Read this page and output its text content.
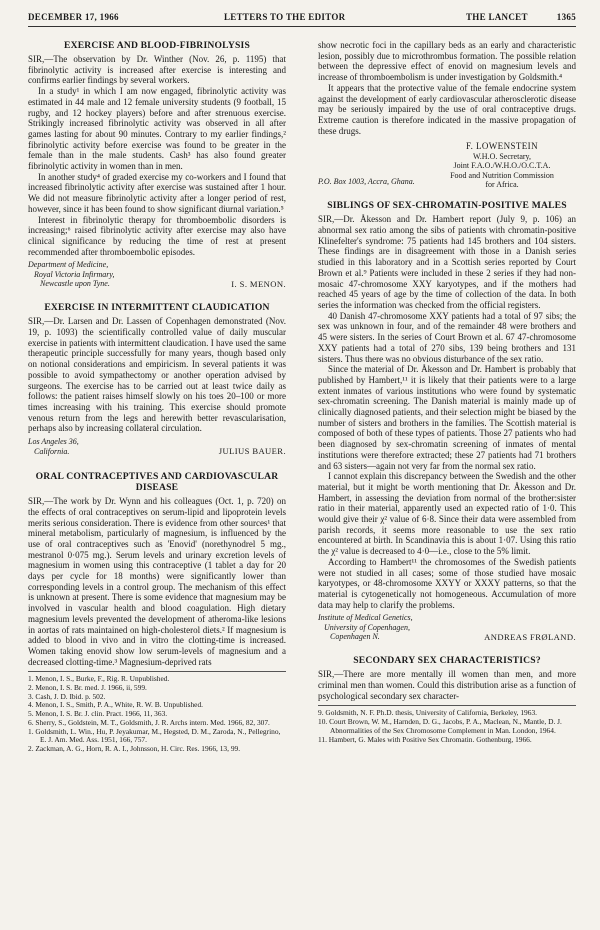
DECEMBER 17, 1966	LETTERS TO THE EDITOR	THE LANCET	1365
EXERCISE AND BLOOD-FIBRINOLYSIS

SIR,—The observation by Dr. Winther (Nov. 26, p. 1195) that fibrinolytic activity is increased after exercise is interesting and confirms earlier findings by several workers.

In a study¹ in which I am now engaged, fibrinolytic activity was estimated in 44 male and 12 female university students (9 football, 15 rugby, and 12 hockey players) before and after strenuous exercise. Strikingly increased fibrinolytic activity was observed in all after games lasting for about 90 minutes. Contrary to my earlier findings,² fibrinolytic activity before exercise was found to be greater in the female than in the male students. Cash³ has also found greater fibrinolytic activity in women than in men.

In another study⁴ of graded exercise my co-workers and I found that increased fibrinolytic activity after exercise was sustained after 1 hour. We did not measure fibrinolytic activity after a longer period of rest, however, since it has been found to show significant diurnal variation.⁵

Interest in fibrinolytic therapy for thromboembolic disorders is increasing;⁶ raised fibrinolytic activity after exercise may also have clinical significance by reducing the time of rest at present recommended after thromboembolic episodes.

Department of Medicine,
Royal Victoria Infirmary,
Newcastle upon Tyne.	I. S. MENON.
EXERCISE IN INTERMITTENT CLAUDICATION

SIR,—Dr. Larsen and Dr. Lassen of Copenhagen demonstrated (Nov. 19, p. 1093) the scientifically controlled value of daily muscular exercise in patients with intermittent claudication. I have used the same therapeutic principle successfully for many years, though based only on notional considerations and empiricism. In several patients it was possible to avoid sympathectomy or another operation advised by surgeons. The exercise has to be carried out at least twice daily as follows: the patient raises himself slowly on his toes 20–100 or more times increasing with his training. This exercise should promote venous return from the legs and herewith better revascularisation, perhaps also by increasing collateral circulation.

Los Angeles 36,
California.	JULIUS BAUER.
ORAL CONTRACEPTIVES AND CARDIOVASCULAR
DISEASE

SIR,—The work by Dr. Wynn and his colleagues (Oct. 1, p. 720) on the effects of oral contraceptives on serum-lipid and lipoprotein levels merits serious consideration. There is evidence from other sources¹ that mineral metabolism, particularly of magnesium, is influenced by the use of oral contraceptives such as 'Enovid' (norethynodrel 5 mg., mestranol 0·075 mg.). Serum levels and urinary excretion levels of magnesium in women using this contraceptive (1 tablet a day for 20 days per cycle for 18 months) were significantly lower than corresponding levels in a control group. The mechanism of this effect is unknown at present. There is some evidence that magnesium may be involved in vascular health and blood coagulation. High dietary magnesium levels prevented the development of atheroma-like lesions in aortas of rats maintained on high-cholesterol diets.² If magnesium is added to blood in vivo and in vitro the clotting-time is increased. Women taking enovid show low serum-levels of magnesium and a decreased clotting-time.³ Magnesium-deprived rats

1. Menon, I. S., Burke, F., Rig. R. Unpublished.
2. Menon, I. S. Br. med. J. 1966, ii, 599.
3. Cash, J. D. Ibid. p. 502.
4. Menon, I. S., Smith, P. A., White, R. W. B. Unpublished.
5. Menon, I. S. Br. J. clin. Pract. 1966, 11, 363.
6. Sherry, S., Goldstein, M. T., Goldsmith, J. R. Archs intern. Med. 1966, 82, 307.
1. Goldsmith, L. Win., Hu, P. Jeyakumar, M., Hegsted, D. M., Zaroda, N., Pellegrino, E. J. Am. Med. Ass. 1951, 166, 757.
2. Zackman, A. G., Horn, R. A. I., Johnsson, H. Circ. Res. 1966, 13, 99.

show necrotic foci in the capillary beds as an early and characteristic lesion, possibly due to microthrombus formation. The possible relation between the depressive effect of enovid on magnesium levels and increase of thromboembolism is under investigation by Goldsmith.⁴

It appears that the protective value of the female endocrine system against the development of early cardiovascular atherosclerotic disease may be seriously impaired by the use of oral contraceptive drugs. Extreme caution is therefore indicated in the massive propagation of these drugs.

F. LOWENSTEIN
W.H.O. Secretary,
Joint F.A.O./W.H.O./O.C.T.A.
Food and Nutrition Commission
for Africa.
P.O. Box 1003, Accra, Ghana.
SIBLINGS OF SEX-CHROMATIN-POSITIVE MALES

SIR,—Dr. Åkesson and Dr. Hambert report (July 9, p. 106) an abnormal sex ratio among the sibs of patients with chromatin-positive Klinefelter's syndrome: 75 patients had 145 brothers and 104 sisters. These findings are in disagreement with those in a Danish series studied in this laboratory and in a Scottish series reported by Court Brown et al.⁹ Patients were included in these 2 series if they had non-mosaic 47-chromosome XXY karyotypes, and if the mothers had reached 45 years of age by the time of collection of the data. In both series the information was checked from the official registers.

40 Danish 47-chromosome XXY patients had a total of 97 sibs; the sex was unknown in four, and of the remainder 48 were brothers and 45 were sisters. In the series of Court Brown et al. 67 47-chromosome XXY patients had a total of 270 sibs, 139 being brothers and 131 sisters. Thus there was no obvious disturbance of the sex ratio.

Since the material of Dr. Åkesson and Dr. Hambert is probably that published by Hambert,¹¹ it is likely that their patients were to a large extent inmates of various institutions who were found by systematic sex-chromatin screening. The Danish material is mainly made up of clinically diagnosed patients, and their selection might be biased by the number of sisters and brothers in the families. The Scottish material is composed of both of these types of patients. Those 27 patients who had been diagnosed by sex-chromatin screening of inmates of mental institutions were therefore extracted; these 27 patients had 71 brothers and 63 sisters—again not very far from the normal sex ratio.

I cannot explain this discrepancy between the Swedish and the other material, but it might be worth mentioning that Dr. Åkesson and Dr. Hambert, in assessing the deviation from normal of the brother:sister ratio in their material, apparently used an expected ratio of 1·0. This would give their χ² value of 6·8. Since their data were assembled from parish records, it seems more reasonable to use the sex ratio encountered at birth. In Scandinavia this is about 1·07. Using this ratio the χ² value is decreased to 4·0—i.e., close to the 5% limit.

According to Hambert¹¹ the chromosomes of the Swedish patients were not studied in all cases; some of those studied have mosaic karyotypes, or 48-chromosome XXYY or XXXY patterns, so that the material is cytogenetically not homogeneous. Accumulation of more data may help to clarify the problems.

Institute of Medical Genetics,
University of Copenhagen,
Copenhagen N.	ANDREAS FRØLAND.
SECONDARY SEX CHARACTERISTICS?

SIR,—There are more mentally ill women than men, and more criminal men than women. Could this distribution arise as a function of psychological secondary sex character-

9. Goldsmith, N. F. Ph.D. thesis, University of California, Berkeley, 1963.
10. Court Brown, W. M., Harnden, D. G., Jacobs, P. A., Maclean, N., Mantle, D. J. Abnormalities of the Sex Chromosome Complement in Man. London, 1964.
11. Hambert, G. Males with Positive Sex Chromatin. Gothenburg, 1966.
